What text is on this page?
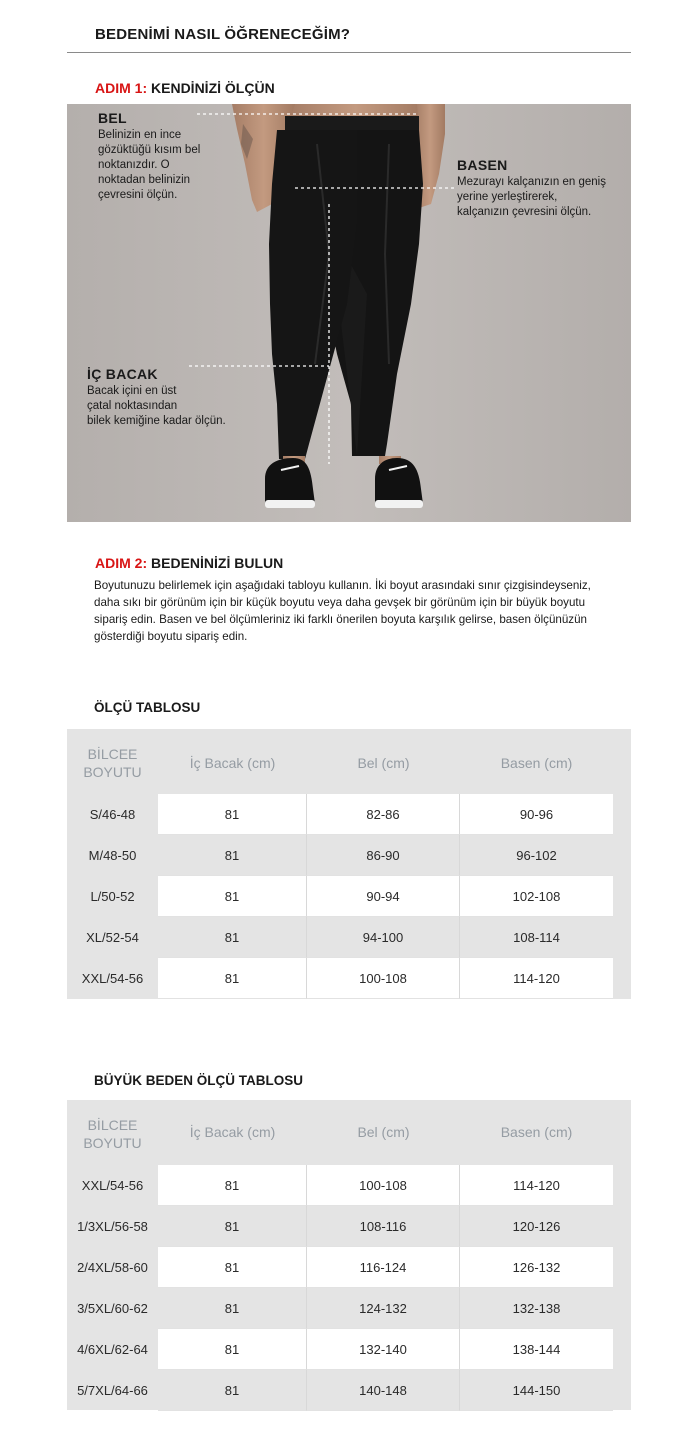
BEDENİMİ NASIL ÖĞRENECEĞİM?
ADIM 1: KENDİNİZİ ÖLÇÜN
BEL
Belinizin en ince
gözüktüğü kısım bel
noktanızdır. O
noktadan belinizin
çevresini ölçün.
BASEN
Mezurayı kalçanızın en geniş
yerine yerleştirerek,
kalçanızın çevresini ölçün.
İÇ BACAK
Bacak içini en üst
çatal noktasından
bilek kemiğine kadar ölçün.
ADIM 2: BEDENİNİZİ BULUN
Boyutunuzu belirlemek için aşağıdaki tabloyu kullanın. İki boyut arasındaki sınır çizgisindeyseniz, daha sıkı bir görünüm için bir küçük boyutu veya daha gevşek bir görünüm için bir büyük boyutu sipariş edin. Basen ve bel ölçümleriniz iki farklı önerilen boyuta karşılık gelirse, basen ölçünüzün gösterdiği boyutu sipariş edin.
ÖLÇÜ TABLOSU
BİLCEE
BOYUTU
İç Bacak (cm)	Bel (cm)	Basen (cm)
S/46-48	81	82-86	90-96
M/48-50	81	86-90	96-102
L/50-52	81	90-94	102-108
XL/52-54	81	94-100	108-114
XXL/54-56	81	100-108	114-120
BÜYÜK BEDEN ÖLÇÜ TABLOSU
BİLCEE
BOYUTU
İç Bacak (cm)	Bel (cm)	Basen (cm)
XXL/54-56	81	100-108	114-120
1/3XL/56-58	81	108-116	120-126
2/4XL/58-60	81	116-124	126-132
3/5XL/60-62	81	124-132	132-138
4/6XL/62-64	81	132-140	138-144
5/7XL/64-66	81	140-148	144-150
